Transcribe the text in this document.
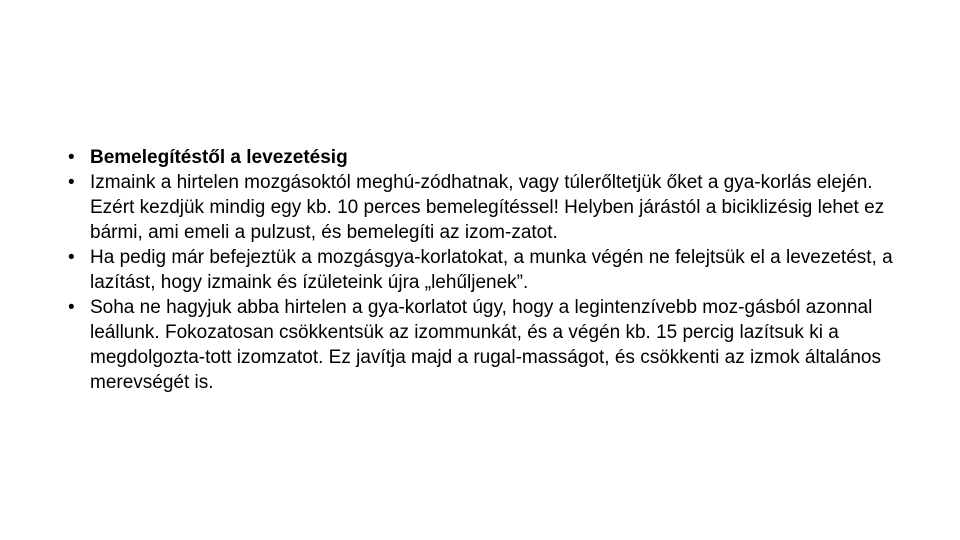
• Bemelegítéstől a levezetésig
• Izmaink a hirtelen mozgásoktól meghú-zódhatnak, vagy túlerőltetjük őket a gya-korlás elején. Ezért kezdjük mindig egy kb. 10 perces bemelegítéssel! Helyben járástól a biciklizésig lehet ez bármi, ami emeli a pulzust, és bemelegíti az izom-zatot.
• Ha pedig már befejeztük a mozgásgya-korlatokat, a munka végén ne felejtsük el a levezetést, a lazítást, hogy izmaink és ízületeink újra „lehűljenek”.
• Soha ne hagyjuk abba hirtelen a gya-korlatot úgy, hogy a legintenzívebb moz-gásból azonnal leállunk. Fokozatosan csökkentsük az izommunkát, és a végén kb. 15 percig lazítsuk ki a megdolgozta-tott izomzatot. Ez javítja majd a rugal-masságot, és csökkenti az izmok általános merevségét is.
